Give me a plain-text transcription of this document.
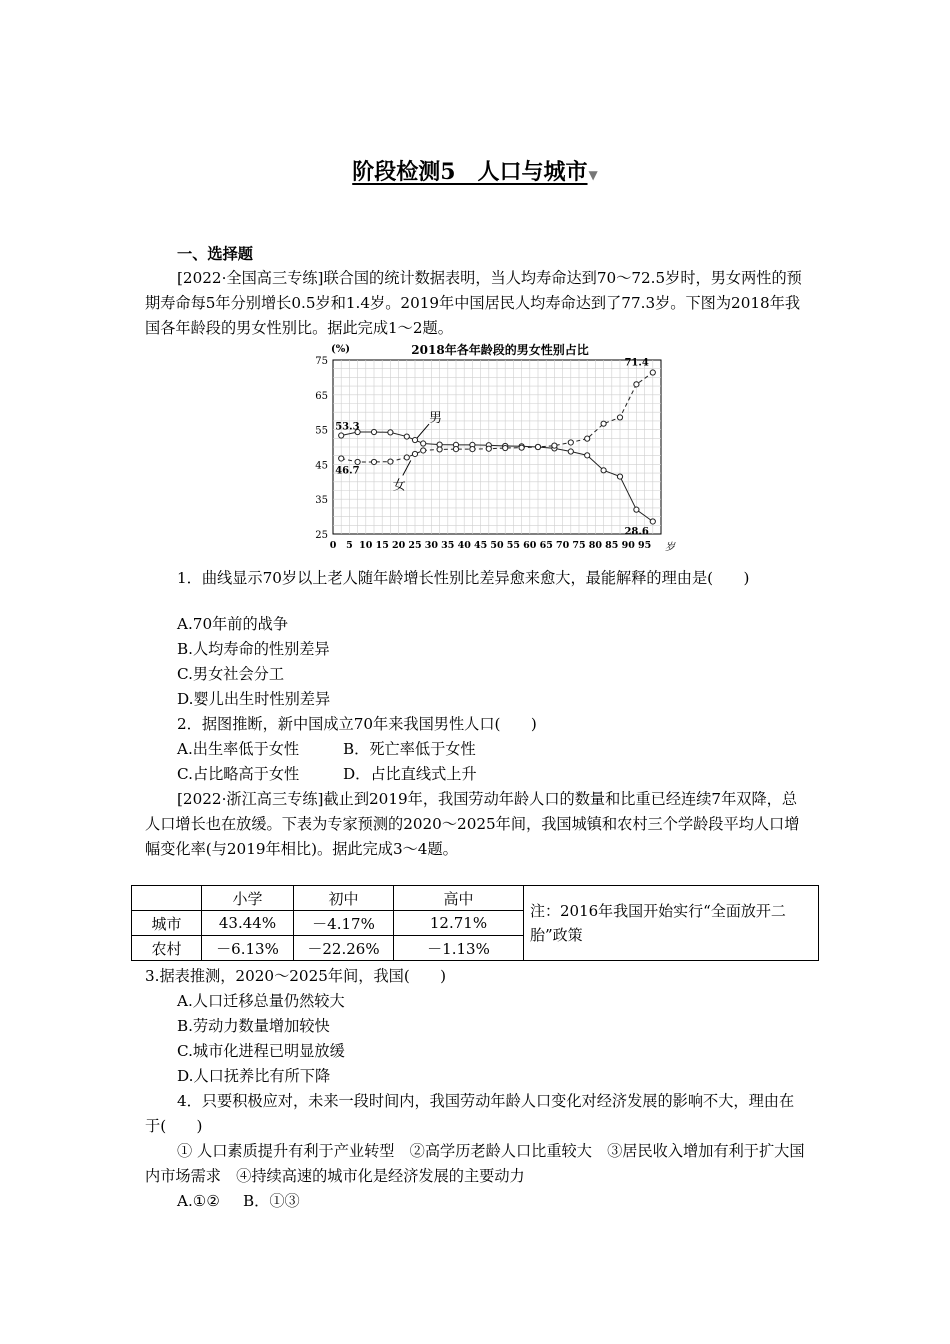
阶段检测5　人口与城市▼
一、选择题

[2022·全国高三专练]联合国的统计数据表明，当人均寿命达到70～72.5岁时，男女两性的预期寿命每5年分别增长0.5岁和1.4岁。2019年中国居民人均寿命达到了77.3岁。下图为2018年我国各年龄段的男女性别比。据此完成1～2题。

2018年各年龄段的男女性别占比
(%)
岁
25
35
45
55
65
75
0 5 10 15 20 25 30 35 40 45 50 55 60 65 70 75 80 85 90 95
53.3
46.7
71.4
28.6
男
女

1．曲线显示70岁以上老人随年龄增长性别比差异愈来愈大，最能解释的理由是(　　)

A.70年前的战争
B.人均寿命的性别差异
C.男女社会分工
D.婴儿出生时性别差异
2．据图推断，新中国成立70年来我国男性人口(　　)
A.出生率低于女性	B．死亡率低于女性
C.占比略高于女性	D．占比直线式上升

[2022·浙江高三专练]截止到2019年，我国劳动年龄人口的数量和比重已经连续7年双降，总人口增长也在放缓。下表为专家预测的2020～2025年间，我国城镇和农村三个学龄段平均人口增幅变化率(与2019年相比)。据此完成3～4题。

	小学	初中	高中	注：2016年我国开始实行“全面放开二胎”政策
城市	43.44%	－4.17%	12.71%	
农村	－6.13%	－22.26%	－1.13%	
3.据表推测，2020～2025年间，我国(　　)
A.人口迁移总量仍然较大
B.劳动力数量增加较快
C.城市化进程已明显放缓
D.人口抚养比有所下降

4．只要积极应对，未来一段时间内，我国劳动年龄人口变化对经济发展的影响不大，理由在于(　　)

① 人口素质提升有利于产业转型　②高学历老龄人口比重较大　③居民收入增加有利于扩大国内市场需求　④持续高速的城市化是经济发展的主要动力

A.①② B．①③
